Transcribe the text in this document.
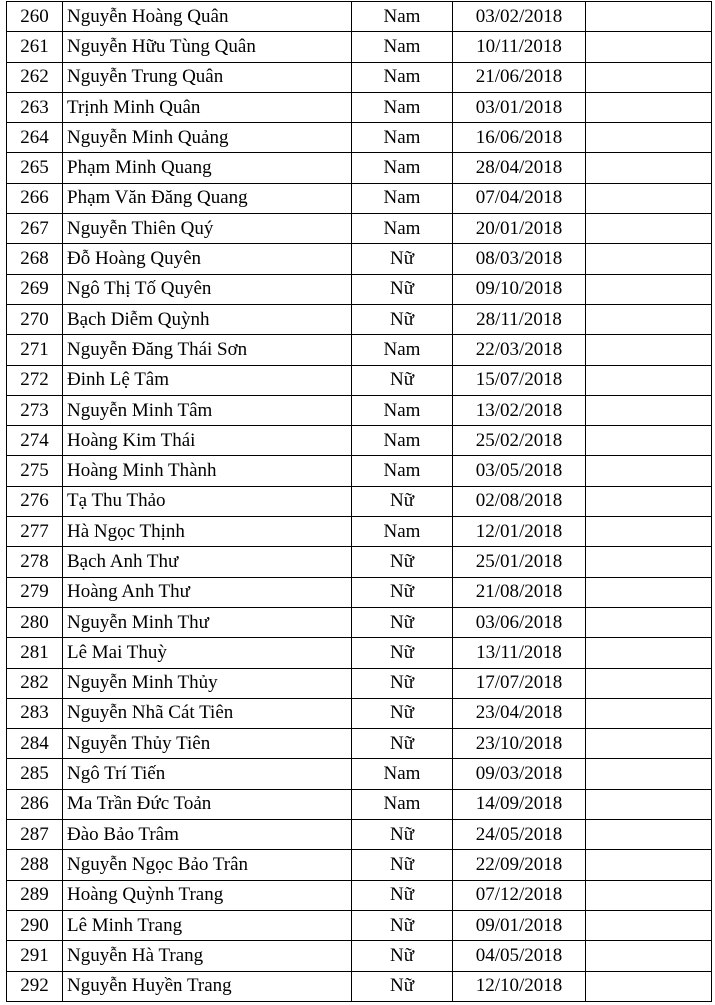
260	Nguyễn Hoàng Quân	Nam	03/02/2018	
261	Nguyễn Hữu Tùng Quân	Nam	10/11/2018	
262	Nguyễn Trung Quân	Nam	21/06/2018	
263	Trịnh Minh Quân	Nam	03/01/2018	
264	Nguyễn Minh Quảng	Nam	16/06/2018	
265	Phạm Minh Quang	Nam	28/04/2018	
266	Phạm Văn Đăng Quang	Nam	07/04/2018	
267	Nguyễn Thiên Quý	Nam	20/01/2018	
268	Đỗ Hoàng Quyên	Nữ	08/03/2018	
269	Ngô Thị Tố Quyên	Nữ	09/10/2018	
270	Bạch Diễm Quỳnh	Nữ	28/11/2018	
271	Nguyễn Đăng Thái Sơn	Nam	22/03/2018	
272	Đinh Lệ Tâm	Nữ	15/07/2018	
273	Nguyễn Minh Tâm	Nam	13/02/2018	
274	Hoàng Kim Thái	Nam	25/02/2018	
275	Hoàng Minh Thành	Nam	03/05/2018	
276	Tạ Thu Thảo	Nữ	02/08/2018	
277	Hà Ngọc Thịnh	Nam	12/01/2018	
278	Bạch Anh Thư	Nữ	25/01/2018	
279	Hoàng Anh Thư	Nữ	21/08/2018	
280	Nguyễn Minh Thư	Nữ	03/06/2018	
281	Lê Mai Thuỳ	Nữ	13/11/2018	
282	Nguyễn Minh Thủy	Nữ	17/07/2018	
283	Nguyễn Nhã Cát Tiên	Nữ	23/04/2018	
284	Nguyễn Thủy Tiên	Nữ	23/10/2018	
285	Ngô Trí Tiến	Nam	09/03/2018	
286	Ma Trần Đức Toản	Nam	14/09/2018	
287	Đào Bảo Trâm	Nữ	24/05/2018	
288	Nguyễn Ngọc Bảo Trân	Nữ	22/09/2018	
289	Hoàng Quỳnh Trang	Nữ	07/12/2018	
290	Lê Minh Trang	Nữ	09/01/2018	
291	Nguyễn Hà Trang	Nữ	04/05/2018	
292	Nguyễn Huyền Trang	Nữ	12/10/2018	
